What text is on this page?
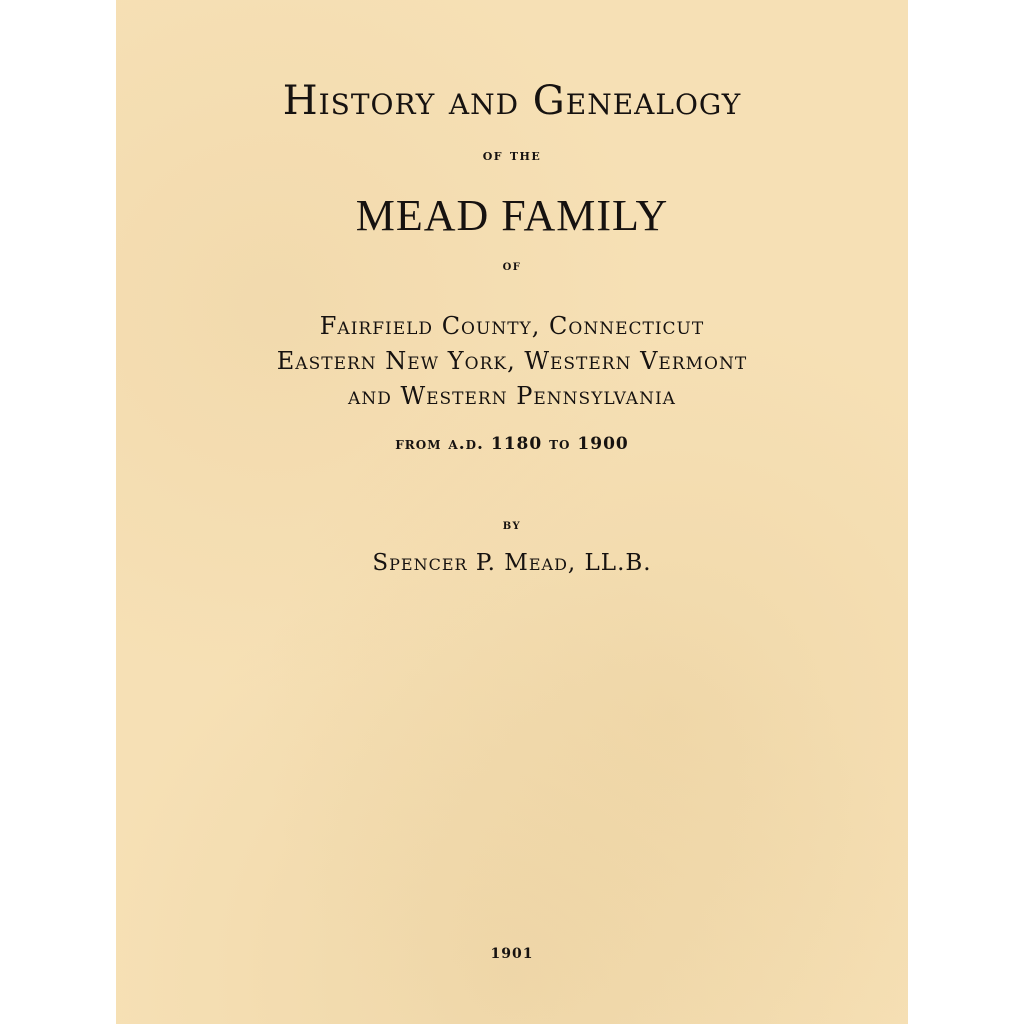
History and Genealogy
of the
MEAD FAMILY
of
Fairfield County, Connecticut
Eastern New York, Western Vermont
and Western Pennsylvania
from a.d. 1180 to 1900
by
Spencer P. Mead, LL.B.
1901
